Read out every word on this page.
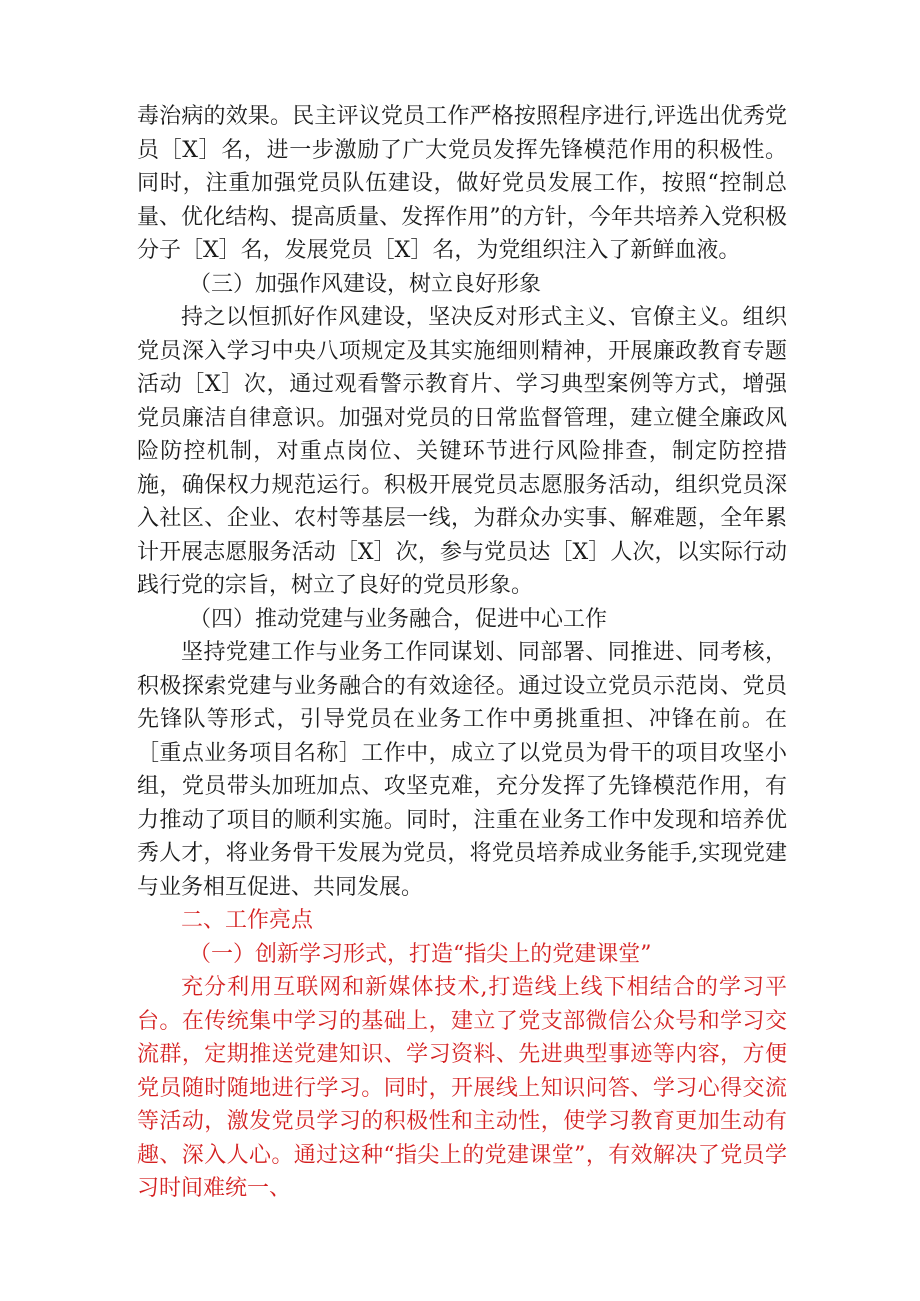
毒治病的效果。民主评议党员工作严格按照程序进行,评选出优秀党员［X］名，进一步激励了广大党员发挥先锋模范作用的积极性。同时，注重加强党员队伍建设，做好党员发展工作，按照“控制总量、优化结构、提高质量、发挥作用”的方针，今年共培养入党积极分子［X］名，发展党员［X］名，为党组织注入了新鲜血液。

（三）加强作风建设，树立良好形象

持之以恒抓好作风建设，坚决反对形式主义、官僚主义。组织党员深入学习中央八项规定及其实施细则精神，开展廉政教育专题活动［X］次，通过观看警示教育片、学习典型案例等方式，增强党员廉洁自律意识。加强对党员的日常监督管理，建立健全廉政风险防控机制，对重点岗位、关键环节进行风险排查，制定防控措施，确保权力规范运行。积极开展党员志愿服务活动，组织党员深入社区、企业、农村等基层一线，为群众办实事、解难题，全年累计开展志愿服务活动［X］次，参与党员达［X］人次，以实际行动践行党的宗旨，树立了良好的党员形象。

（四）推动党建与业务融合，促进中心工作

坚持党建工作与业务工作同谋划、同部署、同推进、同考核，积极探索党建与业务融合的有效途径。通过设立党员示范岗、党员先锋队等形式，引导党员在业务工作中勇挑重担、冲锋在前。在［重点业务项目名称］工作中，成立了以党员为骨干的项目攻坚小组，党员带头加班加点、攻坚克难，充分发挥了先锋模范作用，有力推动了项目的顺利实施。同时，注重在业务工作中发现和培养优秀人才，将业务骨干发展为党员，将党员培养成业务能手,实现党建与业务相互促进、共同发展。

二、工作亮点

（一）创新学习形式，打造“指尖上的党建课堂”

充分利用互联网和新媒体技术,打造线上线下相结合的学习平台。在传统集中学习的基础上，建立了党支部微信公众号和学习交流群，定期推送党建知识、学习资料、先进典型事迹等内容，方便党员随时随地进行学习。同时，开展线上知识问答、学习心得交流等活动，激发党员学习的积极性和主动性，使学习教育更加生动有趣、深入人心。通过这种“指尖上的党建课堂”，有效解决了党员学习时间难统一、
